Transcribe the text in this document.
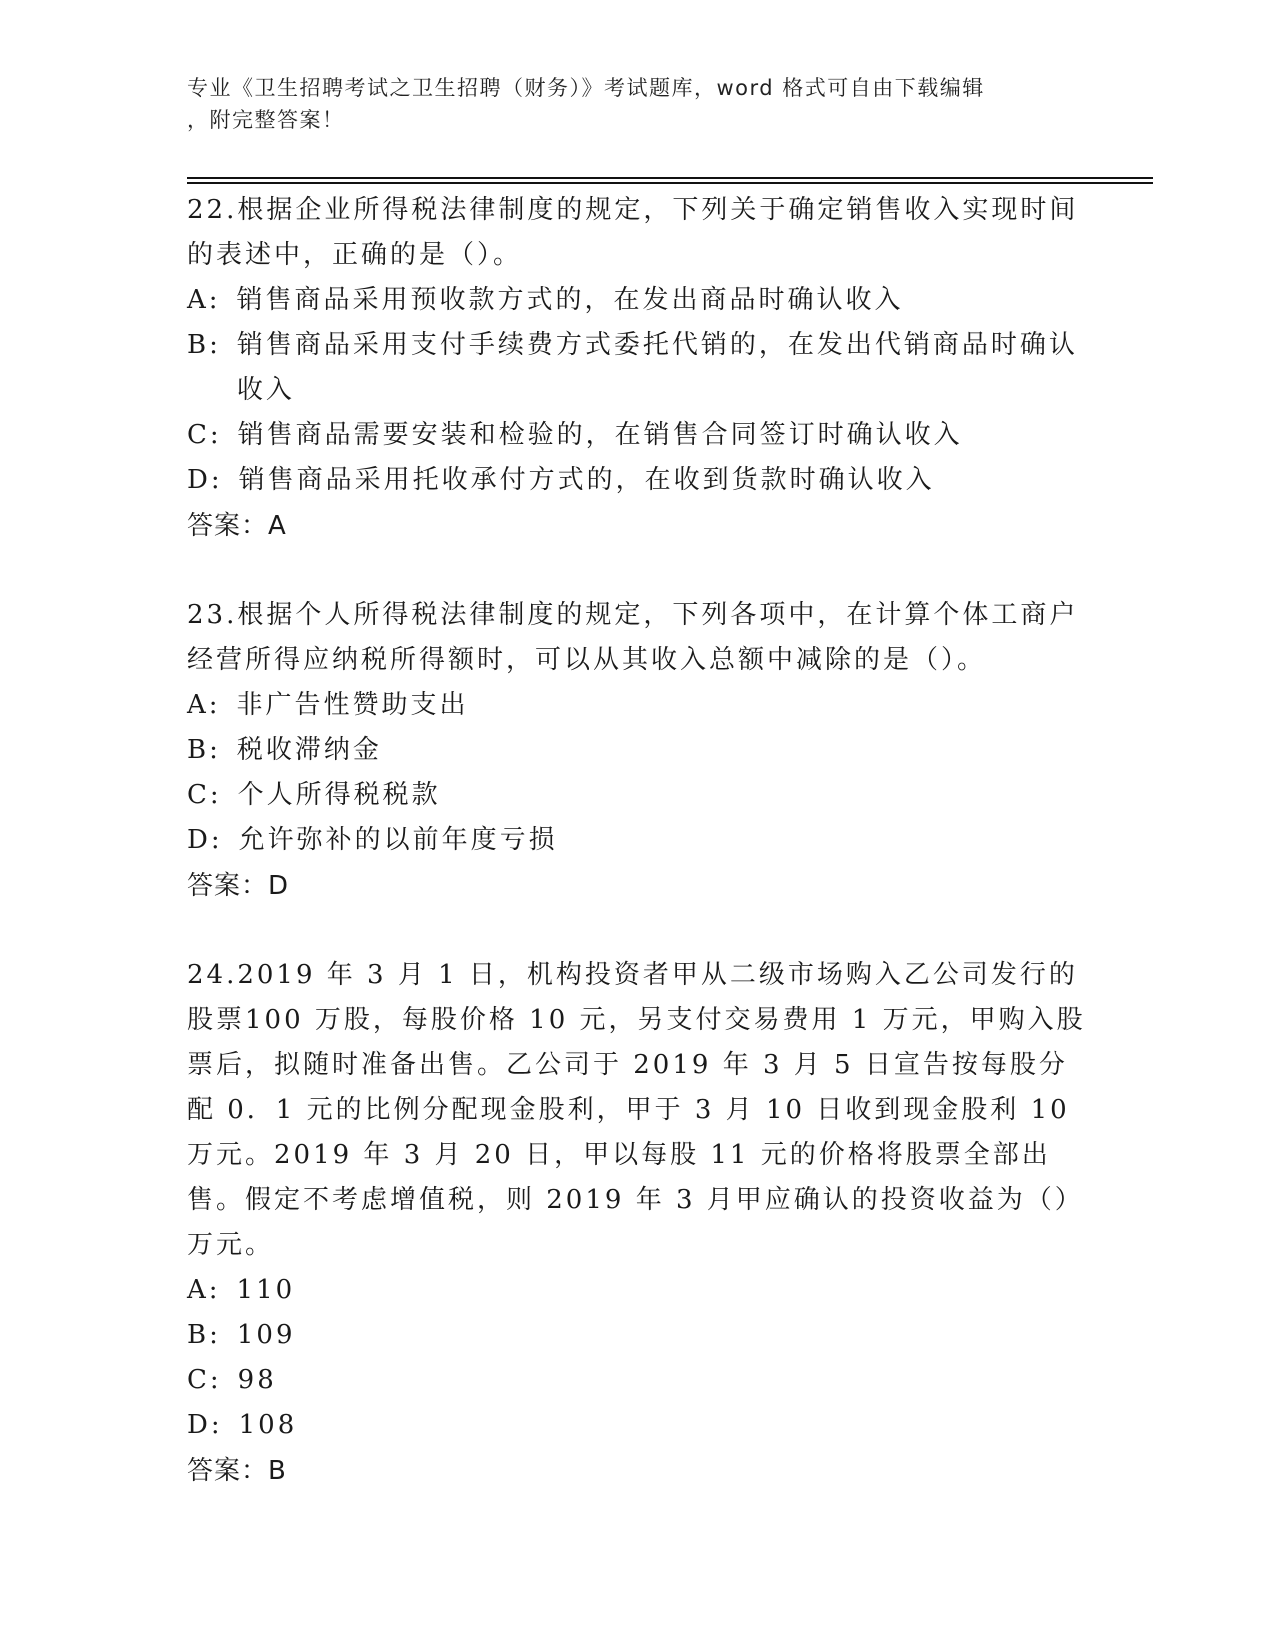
专业《卫生招聘考试之卫生招聘（财务）》考试题库，word 格式可自由下载编辑
，附完整答案！

22.根据企业所得税法律制度的规定，下列关于确定销售收入实现时间的表述中，正确的是（）。

A:
  销售商品采用预收款方式的，在发出商品时确认收入
B:
  销售商品采用支付手续费方式委托代销的，在发出代销商品时确认收入
C:
  销售商品需要安装和检验的，在销售合同签订时确认收入
D:
  销售商品采用托收承付方式的，在收到货款时确认收入

答案：A

23.根据个人所得税法律制度的规定，下列各项中，在计算个体工商户经营所得应纳税所得额时，可以从其收入总额中减除的是（）。

A:
  非广告性赞助支出
B:
  税收滞纳金
C:
  个人所得税税款
D:
  允许弥补的以前年度亏损

答案：D

24.2019 年 3 月 1 日，机构投资者甲从二级市场购入乙公司发行的股票100 万股，每股价格 10 元，另支付交易费用 1 万元，甲购入股票后，拟随时准备出售。乙公司于 2019 年 3 月 5 日宣告按每股分配 0．1 元的比例分配现金股利，甲于 3 月 10 日收到现金股利 10 万元。2019 年 3 月 20 日，甲以每股 11 元的价格将股票全部出售。假定不考虑增值税，则 2019 年 3 月甲应确认的投资收益为（）万元。

A:
  110
B:
  109
C:
  98
D:
  108

答案：B
